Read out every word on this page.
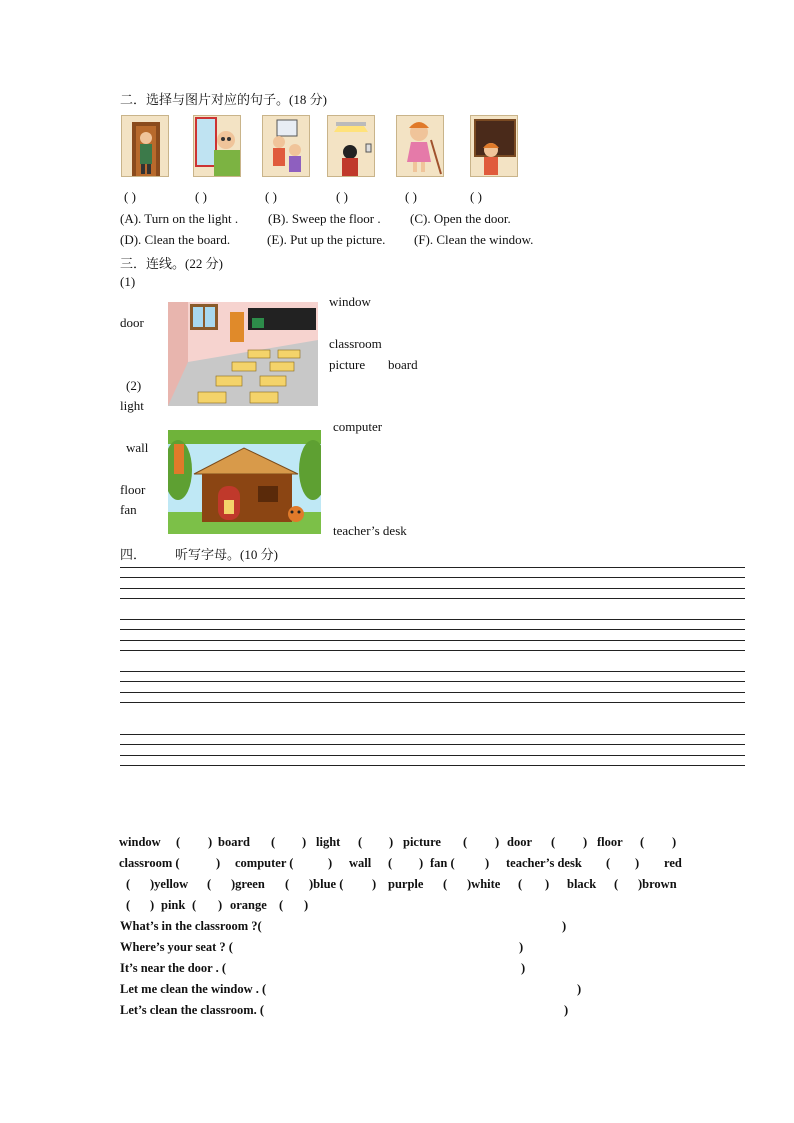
二．选择与图片对应的句子。(18 分)
( )	( )	( )	( )	( )	( )
(A). Turn on the light . (B). Sweep the floor . (C). Open the door.
(D). Clean the board.	(E). Put up the picture. (F). Clean the window.
三．连线。(22 分)
(1)
window
door
classroom
picture board
(2)
light
computer
wall
floor
fan
teacher’s desk
四． 听写字母。(10 分)
window ( ) board ( ) light ( ) picture ( ) door ( ) floor ( )
classroom (	) computer (	) wall ( ) fan ( ) teacher’s desk ( ) red
( )yellow ( )green ( )blue ( ) purple ( )white ( ) black ( )brown
( ) pink ( ) orange ( )
What’s in the classroom ?(	)
Where’s your seat ? (	)
It’s near the door . (	)
Let me clean the window . (	)
Let’s clean the classroom. (	)
